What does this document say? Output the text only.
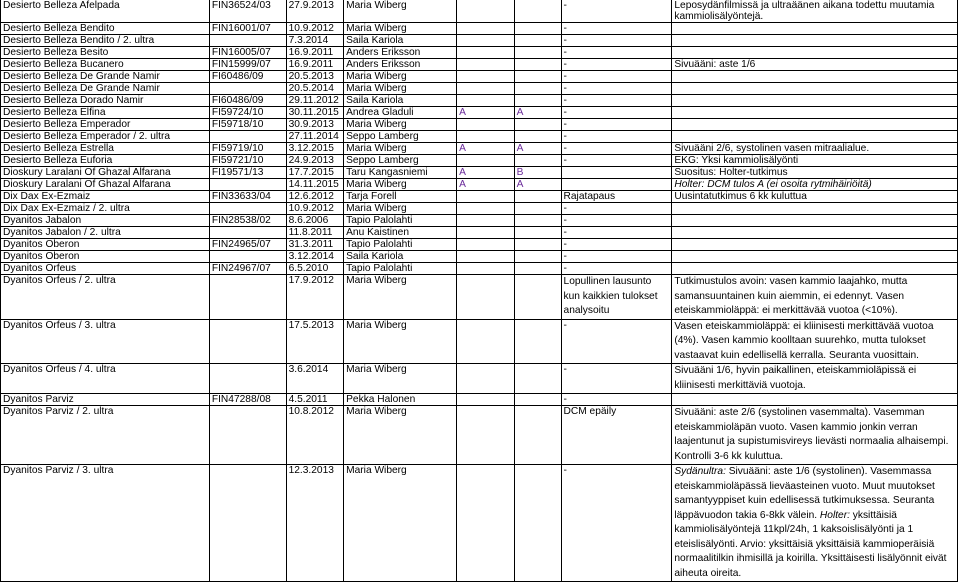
Desierto Belleza Afelpada	FIN36524/03	27.9.2013	Maria Wiberg			-	Leposydänfilmissä ja ultraäänen aikana todettu muutamia kammiolisälyöntejä.
Desierto Belleza Bendito	FIN16001/07	10.9.2012	Maria Wiberg			-	
Desierto Belleza Bendito / 2. ultra		7.3.2014	Saila Kariola			-	
Desierto Belleza Besito	FIN16005/07	16.9.2011	Anders Eriksson			-	
Desierto Belleza Bucanero	FIN15999/07	16.9.2011	Anders Eriksson			-	Sivuääni: aste 1/6
Desierto Belleza De Grande Namir	FI60486/09	20.5.2013	Maria Wiberg			-	
Desierto Belleza De Grande Namir		20.5.2014	Maria Wiberg			-	
Desierto Belleza Dorado Namir	FI60486/09	29.11.2012	Saila Kariola			-	
Desierto Belleza Elfina	FI59724/10	30.11.2015	Andrea Gladuli	A	A	-	
Desierto Belleza Emperador	FI59718/10	30.9.2013	Maria Wiberg			-	
Desierto Belleza Emperador / 2. ultra		27.11.2014	Seppo Lamberg			-	
Desierto Belleza Estrella	FI59719/10	3.12.2015	Maria Wiberg	A	A	-	Sivuääni 2/6, systolinen vasen mitraalialue.
Desierto Belleza Euforia	FI59721/10	24.9.2013	Seppo Lamberg			-	EKG: Yksi kammiolisälyönti
Dioskury Laralani Of Ghazal Alfarana	FI19571/13	17.7.2015	Taru Kangasniemi	A	B		Suositus: Holter-tutkimus
Dioskury Laralani Of Ghazal Alfarana		14.11.2015	Maria Wiberg	A	A		Holter: DCM tulos A (ei osoita rytmihäiriöitä)
Dix Dax Ex-Ezmaiz	FIN33633/04	12.6.2012	Tarja Forell			Rajatapaus	Uusintatutkimus 6 kk kuluttua
Dix Dax Ex-Ezmaiz / 2. ultra		10.9.2012	Maria Wiberg			-	
Dyanitos Jabalon	FIN28538/02	8.6.2006	Tapio Palolahti			-	
Dyanitos Jabalon / 2. ultra		11.8.2011	Anu Kaistinen			-	
Dyanitos Oberon	FIN24965/07	31.3.2011	Tapio Palolahti			-	
Dyanitos Oberon		3.12.2014	Saila Kariola			-	
Dyanitos Orfeus	FIN24967/07	6.5.2010	Tapio Palolahti			-	
Dyanitos Orfeus / 2. ultra		17.9.2012	Maria Wiberg			Lopullinen lausunto kun kaikkien tulokset analysoitu	Tutkimustulos avoin: vasen kammio laajahko, mutta samansuuntainen kuin aiemmin, ei edennyt. Vasen eteiskammioläppä: ei merkittävää vuotoa (<10%).
Dyanitos Orfeus / 3. ultra		17.5.2013	Maria Wiberg			-	Vasen eteiskammioläppä: ei kliinisesti merkittävää vuotoa (4%). Vasen kammio koolltaan suurehko, mutta tulokset vastaavat kuin edellisellä kerralla. Seuranta vuosittain.
Dyanitos Orfeus / 4. ultra		3.6.2014	Maria Wiberg			-	Sivuääni 1/6, hyvin paikallinen, eteiskammioläpissä ei kliinisesti merkittäviä vuotoja.
Dyanitos Parviz	FIN47288/08	4.5.2011	Pekka Halonen			-	
Dyanitos Parviz / 2. ultra		10.8.2012	Maria Wiberg			DCM epäily	Sivuääni: aste 2/6 (systolinen vasemmalta). Vasemman eteiskammioläpän vuoto. Vasen kammio jonkin verran laajentunut ja supistumisvireys lievästi normaalia alhaisempi. Kontrolli 3-6 kk kuluttua.
Dyanitos Parviz / 3. ultra		12.3.2013	Maria Wiberg			-	Sydänultra: Sivuääni: aste 1/6 (systolinen). Vasemmassa eteiskammioläpässä lieväasteinen vuoto. Muut muutokset samantyyppiset kuin edellisessä tutkimuksessa. Seuranta läppävuodon takia 6-8kk välein. Holter: yksittäisiä kammiolisälyöntejä 11kpl/24h, 1 kaksoislisälyönti ja 1 eteislisälyönti. Arvio: yksittäisiä yksittäisiä kammioperäisiä normaalitilkin ihmisillä ja koirilla. Yksittäisesti lisälyönnit eivät aiheuta oireita.
